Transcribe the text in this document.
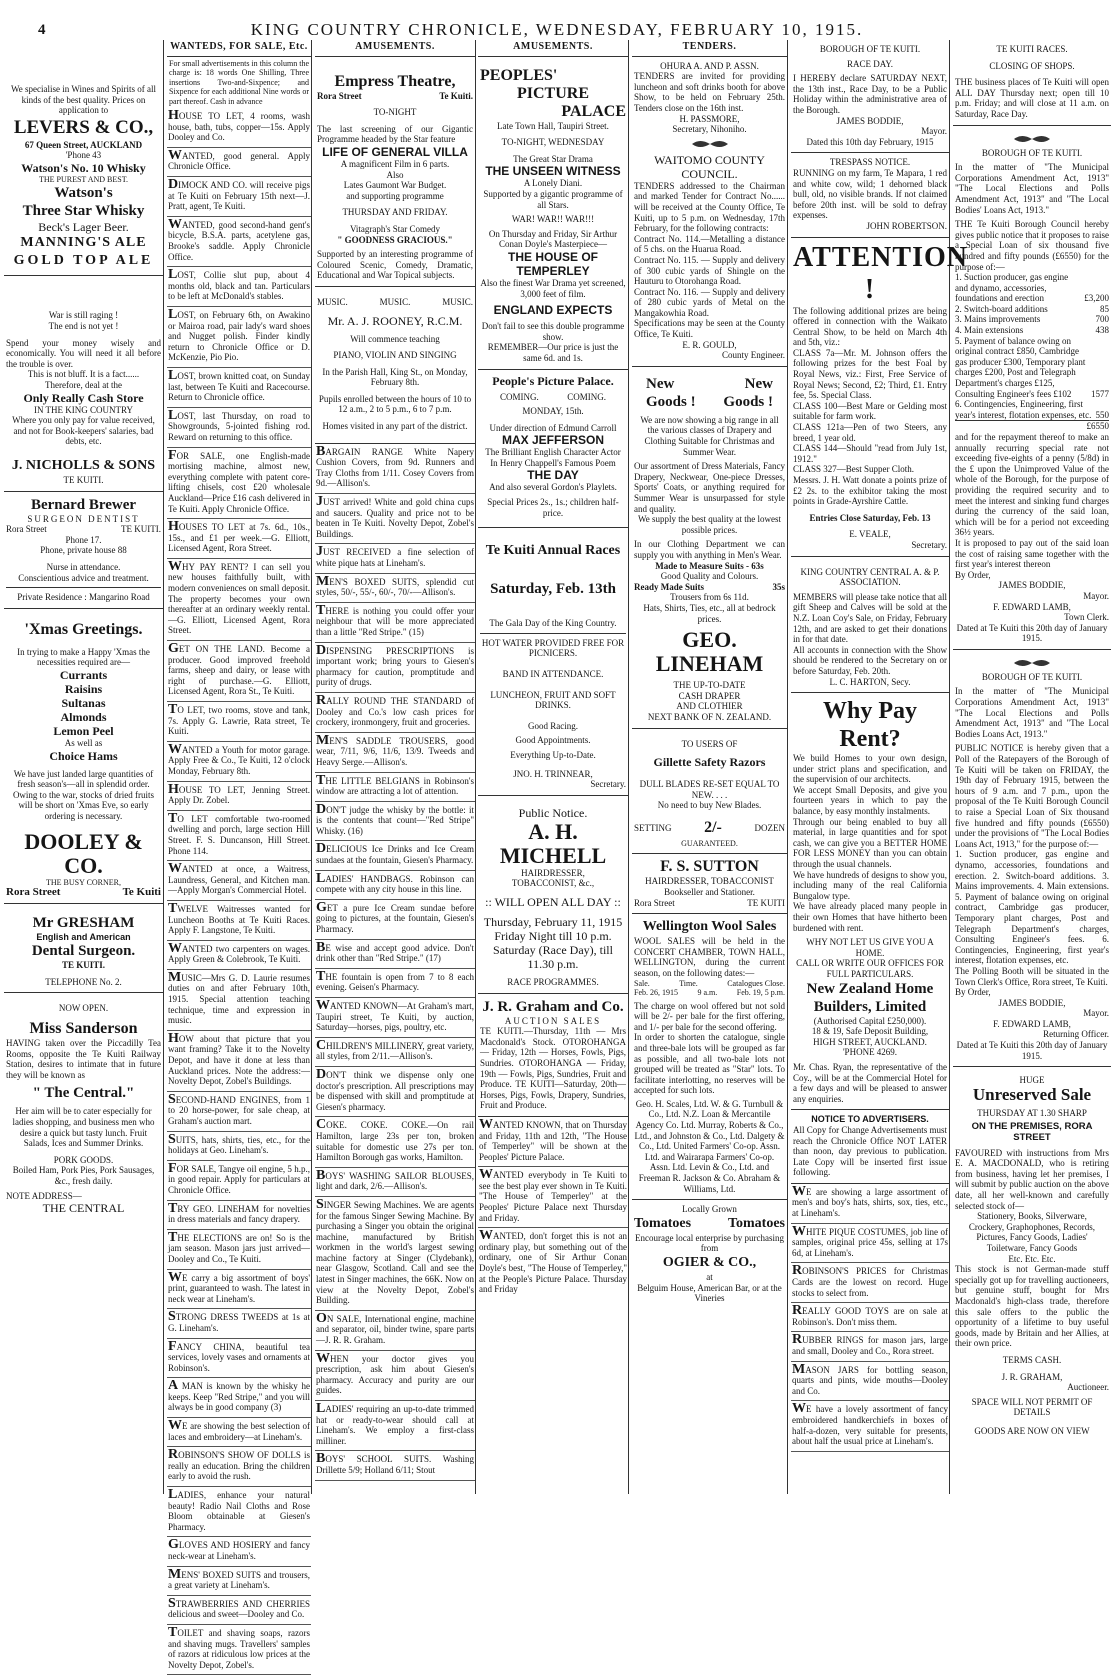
4	KING COUNTRY CHRONICLE, WEDNESDAY, FEBRUARY 10, 1915.
We specialise in Wines and Spirits of all kinds of the best quality. Prices on application to
LEVERS & CO.,
67 Queen Street, AUCKLAND
'Phone 43
Watson's No. 10 Whisky
THE PUREST AND BEST.
Watson's
Three Star Whisky
Beck's Lager Beer.
MANNING'S ALE
GOLD TOP ALE
War is still raging !
The end is not yet !
Spend your money wisely and economically. You will need it all before the trouble is over.
This is not bluff. It is a fact......
Therefore, deal at the
Only Really Cash Store
IN THE KING COUNTRY
Where you only pay for value received, and not for Book-keepers' salaries, bad debts, etc.
J. NICHOLLS & SONS
TE KUITI.
Bernard Brewer
SURGEON DENTIST
Rora Street	TE KUITI.
Phone 17.
Phone, private house 88
Nurse in attendance.
Conscientious advice and treatment.
Private Residence : Mangarino Road
'Xmas Greetings.
In trying to make a Happy 'Xmas the necessities required are—
Currants
Raisins
Sultanas
Almonds
Lemon Peel
As well as
Choice Hams
We have just landed large quantities of fresh season's—all in splendid order.
Owing to the war, stocks of dried fruits will be short on 'Xmas Eve, so early ordering is necessary.
DOOLEY & CO.
THE BUSY CORNER,
Rora Street	Te Kuiti
Mr GRESHAM
English and American
Dental Surgeon.
TE KUITI.
TELEPHONE No. 2.
NOW OPEN.
Miss Sanderson
HAVING taken over the Piccadilly Tea Rooms, opposite the Te Kuiti Railway Station, desires to intimate that in future they will be known as
" The Central."
Her aim will be to cater especially for ladies shopping, and business men who desire a quick but tasty lunch. Fruit Salads, Ices and Summer Drinks.
PORK GOODS.
Boiled Ham, Pork Pies, Pork Sausages, &c., fresh daily.
NOTE ADDRESS—
THE CENTRAL
WANTEDS, FOR SALE, Etc.
For small advertisements in this column the charge is: 18 words One Shilling, Three insertions Two-and-Sixpence; and Sixpence for each additional Nine words or part thereof. Cash in advance
HOUSE TO LET, 4 rooms, wash house, bath, tubs, copper—15s. Apply Dooley and Co.
WANTED, good general. Apply Chronicle Office.
DIMOCK AND CO. will receive pigs at Te Kuiti on February 15th next—J. Pratt, agent, Te Kuiti.
WANTED, good second-hand gent's bicycle, B.S.A. parts, acetylene gas, Brooke's saddle. Apply Chronicle Office.
LOST, Collie slut pup, about 4 months old, black and tan. Particulars to be left at McDonald's stables.
LOST, on February 6th, on Awakino or Mairoa road, pair lady's ward shoes and Nugget polish. Finder kindly return to Chronicle Office or D. McKenzie, Pio Pio.
LOST, brown knitted coat, on Sunday last, between Te Kuiti and Racecourse. Return to Chronicle office.
LOST, last Thursday, on road to Showgrounds, 5-jointed fishing rod. Reward on returning to this office.
FOR SALE, one English-made mortising machine, almost new, everything complete with patent core-lifting chisels, cost £20 wholesale Auckland—Price £16 cash delivered in Te Kuiti. Apply Chronicle Office.
HOUSES TO LET at 7s. 6d., 10s., 15s., and £1 per week.—G. Elliott, Licensed Agent, Rora Street.
WHY PAY RENT? I can sell you new houses faithfully built, with modern conveniences on small deposit. The property becomes your own thereafter at an ordinary weekly rental.—G. Elliott, Licensed Agent, Rora Street.
GET ON THE LAND. Become a producer. Good improved freehold farms, sheep and dairy, or lease with right of purchase.—G. Elliott, Licensed Agent, Rora St., Te Kuiti.
TO LET, two rooms, stove and tank, 7s. Apply G. Lawrie, Rata street, Te Kuiti.
WANTED a Youth for motor garage. Apply Free & Co., Te Kuiti, 12 o'clock Monday, February 8th.
HOUSE TO LET, Jenning Street. Apply Dr. Zobel.
TO LET comfortable two-roomed dwelling and porch, large section Hill Street. F. S. Duncanson, Hill Street. Phone 114.
WANTED at once, a Waitress, Laundress, General, and Kitchen man.—Apply Morgan's Commercial Hotel.
TWELVE Waitresses wanted for Luncheon Booths at Te Kuiti Races. Apply F. Langstone, Te Kuiti.
WANTED two carpenters on wages. Apply Green & Colebrook, Te Kuiti.
MUSIC—Mrs G. D. Laurie resumes duties on and after February 10th, 1915. Special attention teaching technique, time and expression in music.
HOW about that picture that you want framing? Take it to the Novelty Depot, and have it done at less than Auckland prices. Note the address:—Novelty Depot, Zobel's Buildings.
SECOND-HAND ENGINES, from 1 to 20 horse-power, for sale cheap, at Graham's auction mart.
SUITS, hats, shirts, ties, etc., for the holidays at Geo. Lineham's.
FOR SALE, Tangye oil engine, 5 h.p., in good repair. Apply for particulars at Chronicle Office.
TRY GEO. LINEHAM for novelties in dress materials and fancy drapery.
THE ELECTIONS are on! So is the jam season. Mason jars just arrived—Dooley and Co., Te Kuiti.
WE carry a big assortment of boys' print, guaranteed to wash. The latest in neck wear at Lineham's.
STRONG DRESS TWEEDS at 1s at G. Lineham's.
FANCY CHINA, beautiful tea services, lovely vases and ornaments at Robinson's.
A MAN is known by the whisky he keeps. Keep "Red Stripe," and you will always be in good company (3)
WE are showing the best selection of laces and embroidery—at Lineham's.
ROBINSON'S SHOW OF DOLLS is really an education. Bring the children early to avoid the rush.
LADIES, enhance your natural beauty! Radio Nail Cloths and Rose Bloom obtainable at Giesen's Pharmacy.
GLOVES AND HOSIERY and fancy neck-wear at Lineham's.
MENS' BOXED SUITS and trousers, a great variety at Lineham's.
STRAWBERRIES AND CHERRIES delicious and sweet—Dooley and Co.
TOILET and shaving soaps, razors and shaving mugs. Travellers' samples of razors at ridiculous low prices at the Novelty Depot, Zobel's.
AMUSEMENTS.
Empress Theatre,
Rora Street	Te Kuiti.
TO-NIGHT
The last screening of our Gigantic Programme headed by the Star feature
LIFE OF GENERAL VILLA
A magnificent Film in 6 parts.
Also
Lates Gaumont War Budget.
and supporting programme
THURSDAY AND FRIDAY.
Vitagraph's Star Comedy
" GOODNESS GRACIOUS."
Supported by an interesting programme of Coloured Scenic, Comedy, Dramatic, Educational and War Topical subjects.
MUSIC.	MUSIC.	MUSIC.
Mr. A. J. ROONEY, R.C.M.
Will commence teaching
PIANO, VIOLIN AND SINGING
In the Parish Hall, King St., on Monday, February 8th.
Pupils enrolled between the hours of 10 to 12 a.m., 2 to 5 p.m., 6 to 7 p.m.
Homes visited in any part of the district.
BARGAIN RANGE White Napery Cushion Covers, from 9d. Runners and Tray Cloths from 1/11. Cosey Covers from 9d.—Allison's.
JUST arrived! White and gold china cups and saucers. Quality and price not to be beaten in Te Kuiti. Novelty Depot, Zobel's Buildings.
JUST RECEIVED a fine selection of white pique hats at Lineham's.
MEN'S BOXED SUITS, splendid cut styles, 50/-, 55/-, 60/-, 70/-—Allison's.
THERE is nothing you could offer your neighbour that will be more appreciated than a little "Red Stripe." (15)
DISPENSING PRESCRIPTIONS is important work; bring yours to Giesen's pharmacy for caution, promptitude and purity of drugs.
RALLY ROUND THE STANDARD of Dooley and Co.'s low cash prices for crockery, ironmongery, fruit and groceries.
MEN'S SADDLE TROUSERS, good wear, 7/11, 9/6, 11/6, 13/9. Tweeds and Heavy Serge.—Allison's.
THE LITTLE BELGIANS in Robinson's window are attracting a lot of attention.
DON'T judge the whisky by the bottle: it is the contents that count—"Red Stripe" Whisky. (16)
DELICIOUS Ice Drinks and Ice Cream sundaes at the fountain, Giesen's Pharmacy.
LADIES' HANDBAGS. Robinson can compete with any city house in this line.
GET a pure Ice Cream sundae before going to pictures, at the fountain, Giesen's Pharmacy.
BE wise and accept good advice. Don't drink other than "Red Stripe." (17)
THE fountain is open from 7 to 8 each evening. Geisen's Pharmacy.
WANTED KNOWN—At Graham's mart, Taupiri street, Te Kuiti, by auction, Saturday—horses, pigs, poultry, etc.
CHILDREN'S MILLINERY, great variety, all styles, from 2/11.—Allison's.
DON'T think we dispense only one doctor's prescription. All prescriptions may be dispensed with skill and promptitude at Giesen's pharmacy.
COKE. COKE. COKE.—On rail Hamilton, large 23s per ton, broken suitable for domestic use 27s per ton. Hamilton Borough gas works, Hamilton.
BOYS' WASHING SAILOR BLOUSES, light and dark, 2/6.—Allison's.
SINGER Sewing Machines. We are agents for the famous Singer Sewing Machine. By purchasing a Singer you obtain the original machine, manufactured by British workmen in the world's largest sewing machine factory at Singer (Clydebank), near Glasgow, Scotland. Call and see the latest in Singer machines, the 66K. Now on view at the Novelty Depot, Zobel's Building.
ON SALE, International engine, machine and separator, oil, binder twine, spare parts—J. R. R. Graham.
WHEN your doctor gives you prescription, ask him about Giesen's pharmacy. Accuracy and purity are our guides.
LADIES' requiring an up-to-date trimmed hat or ready-to-wear should call at Lineham's. We employ a first-class milliner.
BOYS' SCHOOL SUITS. Washing Drillette 5/9; Holland 6/11; Stout
AMUSEMENTS.
PEOPLES'
PICTURE
PALACE
Late Town Hall, Taupiri Street.
TO-NIGHT, WEDNESDAY
The Great Star Drama
THE UNSEEN WITNESS
A Lonely Diani.
Supported by a gigantic programme of all Stars.
WAR! WAR!! WAR!!!
On Thursday and Friday, Sir Arthur Conan Doyle's Masterpiece—
THE HOUSE OF TEMPERLEY
Also the finest War Drama yet screened, 3,000 feet of film.
ENGLAND EXPECTS
Don't fail to see this double programme show.
REMEMBER—Our price is just the same 6d. and 1s.
People's Picture Palace.
COMING.	COMING.
MONDAY, 15th.
Under direction of Edmund Carroll
MAX JEFFERSON
The Brilliant English Character Actor
In Henry Chappell's Famous Poem
THE DAY
And also several Gordon's Playlets.
Special Prices 2s., 1s.; children half-price.
Te Kuiti Annual Races
Saturday, Feb. 13th
The Gala Day of the King Country.
HOT WATER PROVIDED FREE FOR PICNICERS.
BAND IN ATTENDANCE.
LUNCHEON, FRUIT AND SOFT DRINKS.
Good Racing.
Good Appointments.
Everything Up-to-Date.
JNO. H. TRINNEAR,
Secretary.
Public Notice.
A. H. MICHELL
HAIRDRESSER,
TOBACCONIST, &c.,
:: WILL OPEN ALL DAY ::
Thursday, February 11, 1915
Friday Night till 10 p.m.
Saturday (Race Day), till 11.30 p.m.
RACE PROGRAMMES.
J. R. Graham and Co.
AUCTION SALES
TE KUITI.—Thursday, 11th — Mrs Macdonald's Stock. OTOROHANGA — Friday, 12th — Horses, Fowls, Pigs, Sundries. OTOROHANGA — Friday, 19th — Fowls, Pigs, Sundries, Fruit and Produce. TE KUITI—Saturday, 20th—Horses, Pigs, Fowls, Drapery, Sundries, Fruit and Produce.
WANTED KNOWN, that on Thursday and Friday, 11th and 12th, "The House of Temperley" will be shown at the Peoples' Picture Palace.
WANTED everybody in Te Kuiti to see the best play ever shown in Te Kuiti. "The House of Temperley" at the Peoples' Picture Palace next Thursday and Friday.
WANTED, don't forget this is not an ordinary play, but something out of the ordinary, one of Sir Arthur Conan Doyle's best, "The House of Temperley," at the People's Picture Palace. Thursday and Friday
TENDERS.
OHURA A. AND P. ASSN.
TENDERS are invited for providing luncheon and soft drinks booth for above Show, to be held on February 25th. Tenders close on the 16th inst.
H. PASSMORE,
Secretary, Nihoniho.
WAITOMO COUNTY COUNCIL.
TENDERS addressed to the Chairman and marked Tender for Contract No...... will be received at the County Office, Te Kuiti, up to 5 p.m. on Wednesday, 17th February, for the following contracts:
Contract No. 114.—Metalling a distance of 5 chs. on the Huarua Road.
Contract No. 115. — Supply and delivery of 300 cubic yards of Shingle on the Hauturu to Otorohanga Road.
Contract No. 116. — Supply and delivery of 280 cubic yards of Metal on the Mangakowhia Road.
Specifications may be seen at the County Office, Te Kuiti.
E. R. GOULD,
County Engineer.
New	New
Goods ! Goods !
We are now showing a big range in all the various classes of Drapery and Clothing Suitable for Christmas and Summer Wear.
Our assortment of Dress Materials, Fancy Drapery, Neckwear, One-piece Dresses, Sports' Coats, or anything required for Summer Wear is unsurpassed for style and quality.
We supply the best quality at the lowest possible prices.
In our Clothing Department we can supply you with anything in Men's Wear.
Made to Measure Suits - 63s
Good Quality and Colours.
Ready Made Suits	35s
Trousers from 6s 11d.
Hats, Shirts, Ties, etc., all at bedrock prices.
GEO. LINEHAM
THE UP-TO-DATE
CASH DRAPER
AND CLOTHIER
NEXT BANK OF N. ZEALAND.
TO USERS OF
Gillette Safety Razors
DULL BLADES RE-SET EQUAL TO NEW. . . .
No need to buy New Blades.
SETTING 2/-	DOZEN
GUARANTEED.
F. S. SUTTON
HAIRDRESSER, TOBACCONIST
Bookseller and Stationer.
Rora Street	TE KUITI
Wellington Wool Sales
WOOL SALES will be held in the CONCERT CHAMBER, TOWN HALL, WELLINGTON, during the current season, on the following dates:—
Sale.	Time.	Catalogues Close.
Feb. 26, 1915 9 a.m. Feb. 19, 5 p.m.
The charge on wool offered but not sold will be 2/- per bale for the first offering, and 1/- per bale for the second offering.
In order to shorten the catalogue, single and three-bale lots will be grouped as far as possible, and all two-bale lots not grouped will be treated as "Star" lots. To facilitate interlotting, no reserves will be accepted for such lots.
Geo. H. Scales, Ltd. W. & G. Turnbull & Co., Ltd. N.Z. Loan & Mercantile Agency Co. Ltd. Murray, Roberts & Co., Ltd., and Johnston & Co., Ltd. Dalgety & Co., Ltd. United Farmers' Co-op. Assn. Ltd. and Wairarapa Farmers' Co-op. Assn. Ltd. Levin & Co., Ltd. and Freeman R. Jackson & Co. Abraham & Williams, Ltd.
Locally Grown
Tomatoes	Tomatoes
Encourage local enterprise by purchasing from
OGIER & CO.,
at
Belguim House, American Bar, or at the Vineries
BOROUGH OF TE KUITI.
RACE DAY.
I HEREBY declare SATURDAY NEXT, the 13th inst., Race Day, to be a Public Holiday within the administrative area of the Borough.
JAMES BODDIE,
Mayor.
Dated this 10th day February, 1915
TRESPASS NOTICE.
RUNNING on my farm, Te Mapara, 1 red and white cow, wild; 1 dehorned black bull, old, no visible brands. If not claimed before 20th inst. will be sold to defray expenses.
JOHN ROBERTSON.
ATTENTION !
The following additional prizes are being offered in connection with the Waikato Central Show, to be held on March 4th and 5th, viz.:
CLASS 7a—Mr. M. Johnson offers the following prizes for the best Foal by Royal News, viz.: First, Free Service of Royal News; Second, £2; Third, £1. Entry fee, 5s. Special Class.
CLASS 100—Best Mare or Gelding most suitable for farm work.
CLASS 121a—Pen of two Steers, any breed, 1 year old.
CLASS 144—Should "read from July 1st, 1912."
CLASS 327—Best Supper Cloth.
Messrs. J. H. Watt donate a points prize of £2 2s. to the exhibitor taking the most points in Grade-Ayrshire Cattle.
Entries Close Saturday, Feb. 13
E. VEALE,
Secretary.
KING COUNTRY CENTRAL A. & P. ASSOCIATION.
MEMBERS will please take notice that all gift Sheep and Calves will be sold at the N.Z. Loan Coy's Sale, on Friday, February 12th, and are asked to get their donations in for that date.
All accounts in connection with the Show should be rendered to the Secretary on or before Saturday, Feb. 20th.
L. C. HARTON, Secy.
Why Pay Rent?
We build Homes to your own design, under strict plans and specification, and the supervision of our architects.
We accept Small Deposits, and give you fourteen years in which to pay the balance, by easy monthly instalments.
Through our being enabled to buy all material, in large quantities and for spot cash, we can give you a BETTER HOME FOR LESS MONEY than you can obtain through the usual channels.
We have hundreds of designs to show you, including many of the real California Bungalow type.
We have already placed many people in their own Homes that have hitherto been burdened with rent.
WHY NOT LET US GIVE YOU A HOME.
CALL OR WRITE OUR OFFICES FOR FULL PARTICULARS.
New Zealand Home Builders, Limited
(Authorised Capital £250,000).
18 & 19, Safe Deposit Building,
HIGH STREET, AUCKLAND.
'PHONE 4269.
Mr. Chas. Ryan, the representative of the Coy., will be at the Commercial Hotel for a few days and will be pleased to answer any enquiries.
NOTICE TO ADVERTISERS.
All Copy for Change Advertisements must reach the Chronicle Office NOT LATER than noon, day previous to publication. Late Copy will be inserted first issue following.
WE are showing a large assortment of men's and boy's hats, shirts, sox, ties, etc., at Lineham's.
WHITE PIQUE COSTUMES, job line of samples, original price 45s, selling at 17s 6d, at Lineham's.
ROBINSON'S PRICES for Christmas Cards are the lowest on record. Huge stocks to select from.
REALLY GOOD TOYS are on sale at Robinson's. Don't miss them.
RUBBER RINGS for mason jars, large and small, Dooley and Co., Rora street.
MASON JARS for bottling season, quarts and pints, wide mouths—Dooley and Co.
WE have a lovely assortment of fancy embroidered handkerchiefs in boxes of half-a-dozen, very suitable for presents, about half the usual price at Lineham's.
TE KUITI RACES.
CLOSING OF SHOPS.
THE business places of Te Kuiti will open ALL DAY Thursday next; open till 10 p.m. Friday; and will close at 11 a.m. on Saturday, Race Day.
BOROUGH OF TE KUITI.
In the matter of "The Municipal Corporations Amendment Act, 1913" "The Local Elections and Polls Amendment Act, 1913" and "The Local Bodies' Loans Act, 1913."
THE Te Kuiti Borough Council hereby gives public notice that it proposes to raise a Special Loan of six thousand five hundred and fifty pounds (£6550) for the purpose of:—
1. Suction producer, gas engine and dynamo, accessories, foundations and erection	£3,200
2. Switch-board additions	85
3. Mains improvements	700
4. Main extensions	438
5. Payment of balance owing on original contract £850, Cambridge gas producer £300, Temporary plant charges £200, Post and Telegraph Department's charges £125, Consulting Engineer's fees £102	1577
6. Contingencies, Engineering, first year's interest, flotation expenses, etc. 550
£6550
and for the repayment thereof to make an annually recurring special rate not exceeding five-eights of a penny (5/8d) in the £ upon the Unimproved Value of the whole of the Borough, for the purpose of providing the required security and to meet the interest and sinking fund charges during the currency of the said loan, which will be for a period not exceeding 36½ years.
It is proposed to pay out of the said loan the cost of raising same together with the first year's interest thereon
By Order,
JAMES BODDIE,
Mayor.
F. EDWARD LAMB,
Town Clerk.
Dated at Te Kuiti this 20th day of January 1915.
BOROUGH OF TE KUITI.
In the matter of "The Municipal Corporations Amendment Act, 1913" "The Local Elections and Polls Amendment Act, 1913" and "The Local Bodies Loans Act, 1913."
PUBLIC NOTICE is hereby given that a Poll of the Ratepayers of the Borough of Te Kuiti will be taken on FRIDAY, the 19th day of February 1915, between the hours of 9 a.m. and 7 p.m., upon the proposal of the Te Kuiti Borough Council to raise a Special Loan of Six thousand five hundred and fifty pounds (£6550) under the provisions of "The Local Bodies Loans Act, 1913," for the purpose of:—
1. Suction producer, gas engine and dynamo, accessories, foundations and erection. 2. Switch-board additions. 3. Mains improvements. 4. Main extensions. 5. Payment of balance owing on original contract, Cambridge gas producer, Temporary plant charges, Post and Telegraph Department's charges, Consulting Engineer's fees. 6. Contingencies, Engineering, first year's interest, flotation expenses, etc.
The Polling Booth will be situated in the Town Clerk's Office, Rora street, Te Kuiti.
By Order,
JAMES BODDIE,
Mayor.
F. EDWARD LAMB,
Returning Officer.
Dated at Te Kuiti this 20th day of January 1915.
HUGE
Unreserved Sale
THURSDAY AT 1.30 SHARP
ON THE PREMISES, RORA STREET
FAVOURED with instructions from Mrs E. A. MACDONALD, who is retiring from business, having let her premises, I will submit by public auction on the above date, all her well-known and carefully selected stock of—
Stationery, Books, Silverware, Crockery, Graphophones, Records, Pictures, Fancy Goods, Ladies' Toiletware, Fancy Goods
Etc. Etc. Etc.
This stock is not German-made stuff specially got up for travelling auctioneers, but genuine stuff, bought for Mrs Macdonald's high-class trade, therefore this sale offers to the public the opportunity of a lifetime to buy useful goods, made by Britain and her Allies, at their own price.
TERMS CASH.
J. R. GRAHAM,
Auctioneer.
SPACE WILL NOT PERMIT OF DETAILS
GOODS ARE NOW ON VIEW
